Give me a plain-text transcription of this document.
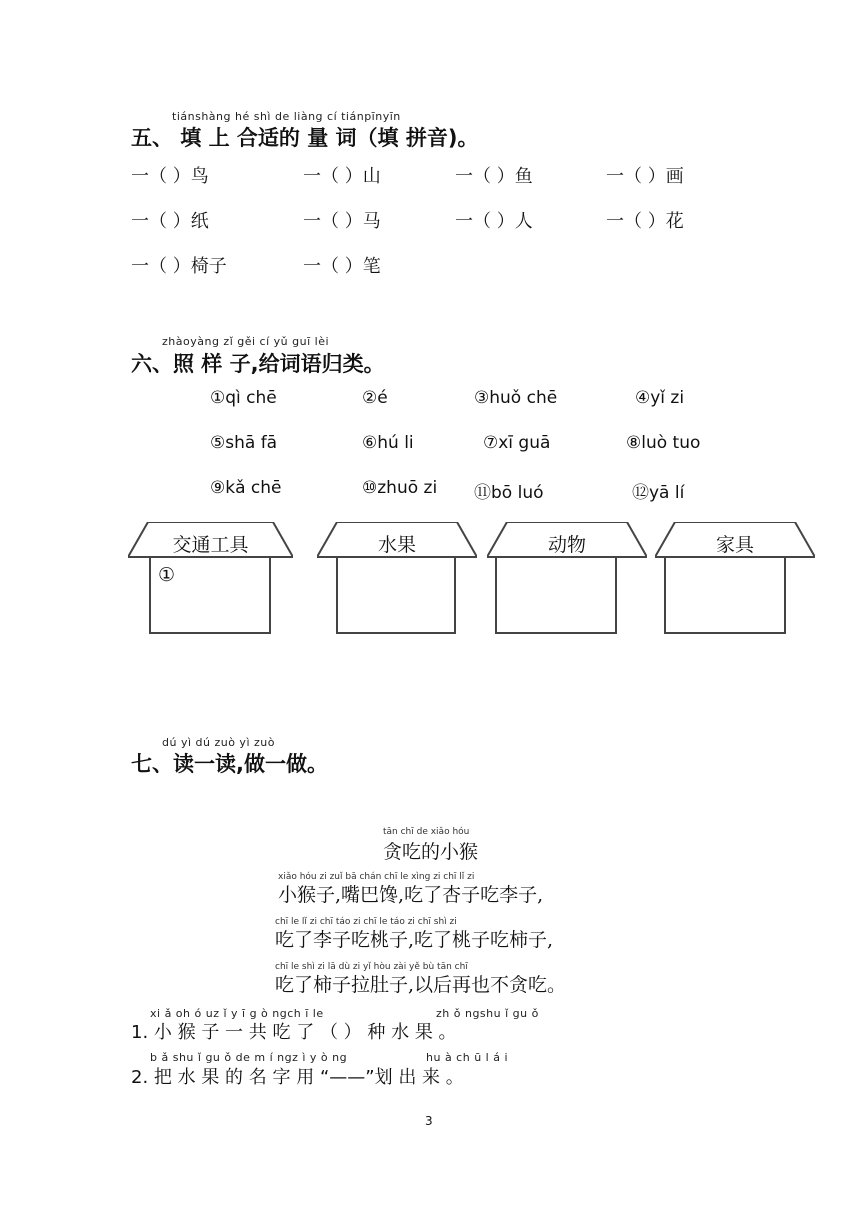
tiánshàng hé shì de liàng cí tiánpīnyīn
五、 填 上 合适的 量 词（填 拼音)。
一（ ）鸟	一（ ）山	一（ ）鱼	一（ ）画
一（ ）纸	一（ ）马	一（ ）人	一（ ）花
一（ ）椅子	一（ ）笔
zhàoyàng zǐ gěi cí yǔ guī lèi
六、照 样 子,给词语归类。
①qì chē	②é	③huǒ chē	④yǐ zi
⑤shā fā	⑥hú li	⑦xī guā	⑧luò tuo
⑨kǎ chē	⑩zhuō zi ⑪bō luó	⑫yā lí
交通工具
①
水果	动物	家具
dú yì dú zuò yì zuò
七、读一读,做一做。
tān chī de xiǎo hóu
贪吃的小猴
xiǎo hóu zi zuǐ bā chán chī le xìng zi chī lǐ zi
小猴子,嘴巴馋,吃了杏子吃李子,
chī le lǐ zi chī táo zi chī le táo zi chī shì zi
吃了李子吃桃子,吃了桃子吃柿子,
chī le shì zi lā dù zi yǐ hòu zài yě bù tān chī
吃了柿子拉肚子,以后再也不贪吃。
xi ǎ oh ó uz ǐ y ī g ò ngch ī le	zh ǒ ngshu ǐ gu ǒ
1. 小 猴 子 一 共 吃 了 （ ） 种 水 果 。
b ǎ shu ǐ gu ǒ de m í ngz ì y ò ng	hu à ch ū l á i
2. 把 水 果 的 名 字 用 “——”划 出 来 。
3
